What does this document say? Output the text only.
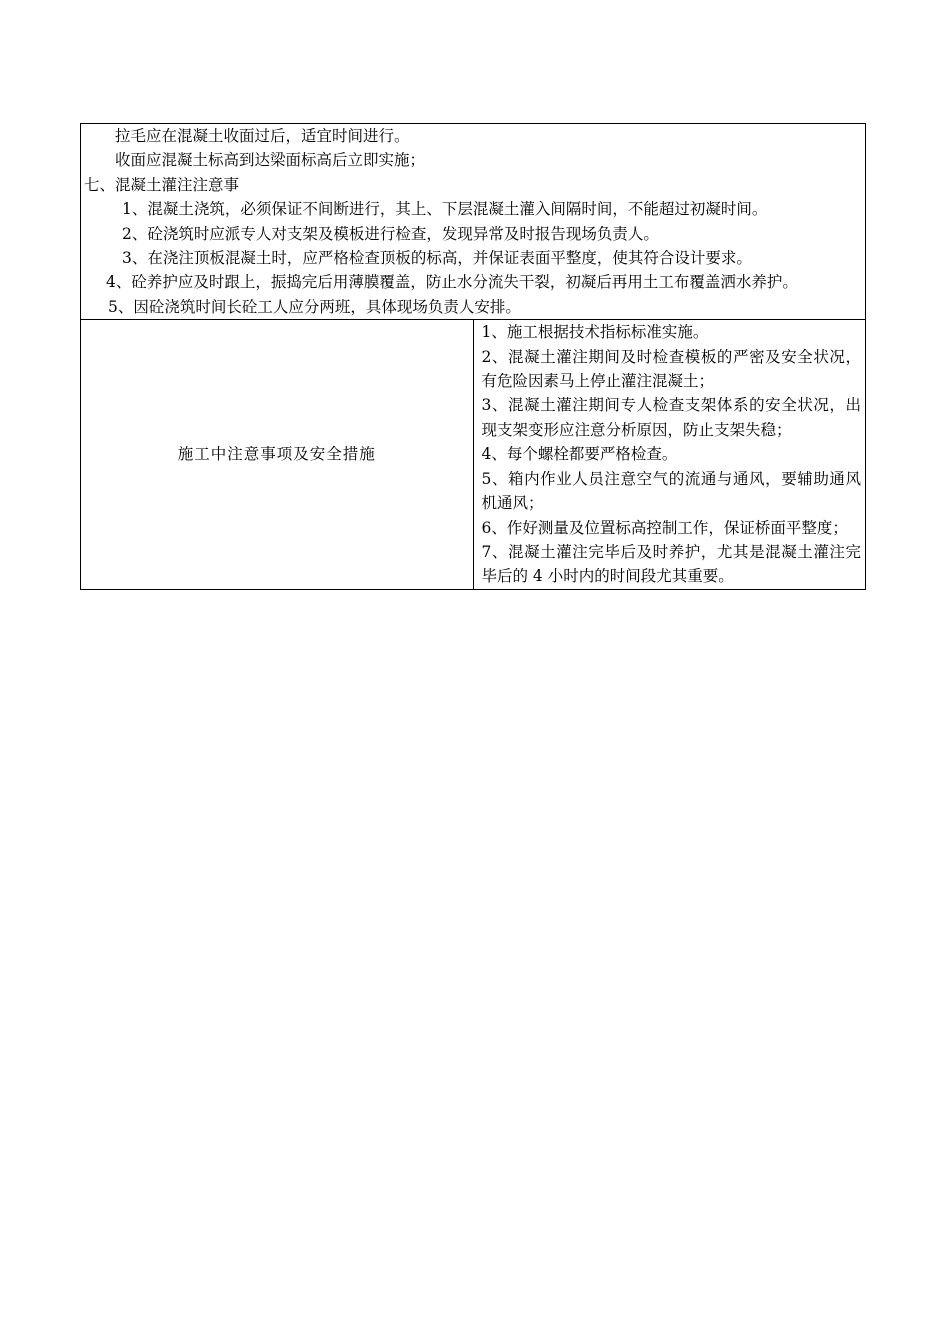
拉毛应在混凝土收面过后，适宜时间进行。
收面应混凝土标高到达梁面标高后立即实施；
七、混凝土灌注注意事
1、混凝土浇筑，必须保证不间断进行，其上、下层混凝土灌入间隔时间，不能超过初凝时间。
2、砼浇筑时应派专人对支架及模板进行检查，发现异常及时报告现场负责人。
3、在浇注顶板混凝土时，应严格检查顶板的标高，并保证表面平整度，使其符合设计要求。
4、砼养护应及时跟上，振捣完后用薄膜覆盖，防止水分流失干裂，初凝后再用土工布覆盖洒水养护。
5、因砼浇筑时间长砼工人应分两班，具体现场负责人安排。

施工中注意事项及安全措施	
1、施工根据技术指标标准实施。
2、混凝土灌注期间及时检查模板的严密及安全状况，有危险因素马上停止灌注混凝土；
3、混凝土灌注期间专人检查支架体系的安全状况，出现支架变形应注意分析原因，防止支架失稳；
4、每个螺栓都要严格检查。
5、箱内作业人员注意空气的流通与通风，要辅助通风机通风；
6、作好测量及位置标高控制工作，保证桥面平整度；
7、混凝土灌注完毕后及时养护，尤其是混凝土灌注完毕后的 4 小时内的时间段尤其重要。
